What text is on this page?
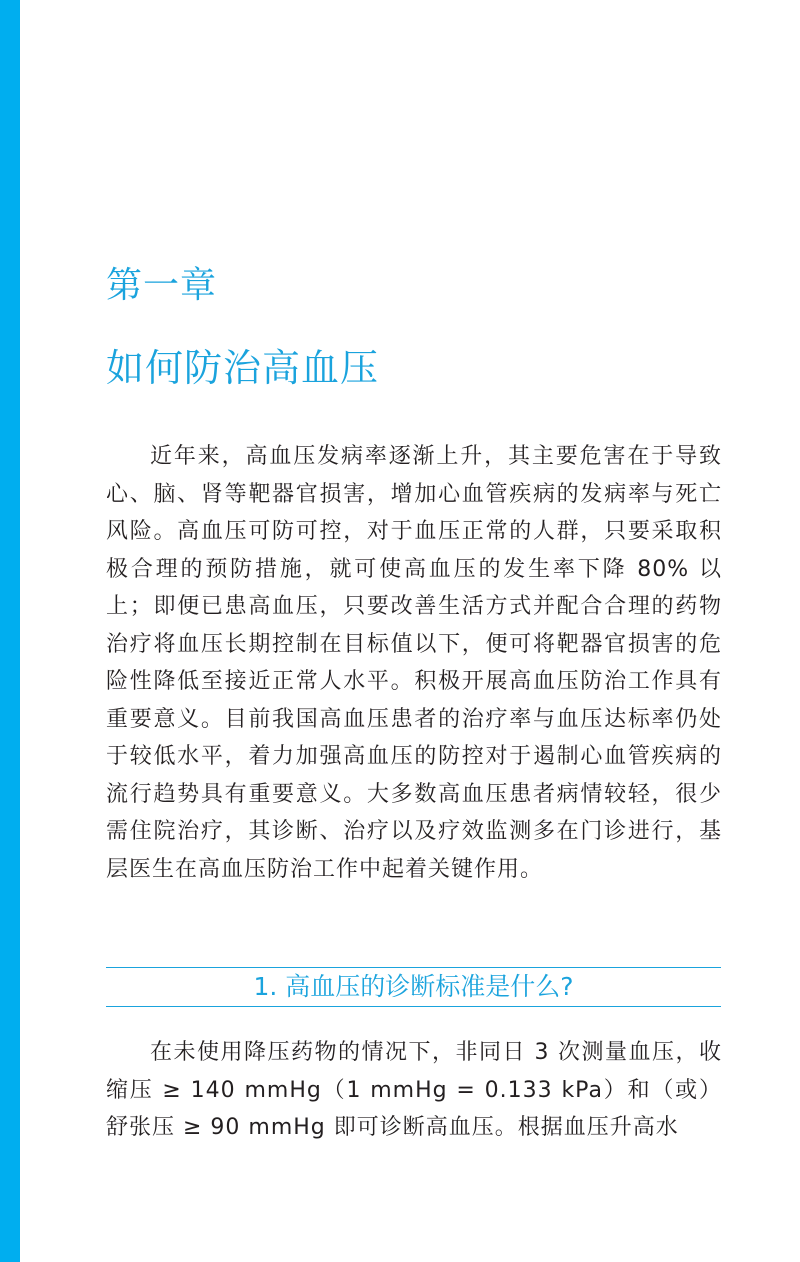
第一章
如何防治高血压

近年来，高血压发病率逐渐上升，其主要危害在于导致心、脑、肾等靶器官损害，增加心血管疾病的发病率与死亡风险。高血压可防可控，对于血压正常的人群，只要采取积极合理的预防措施，就可使高血压的发生率下降 80% 以上；即便已患高血压，只要改善生活方式并配合合理的药物治疗将血压长期控制在目标值以下，便可将靶器官损害的危险性降低至接近正常人水平。积极开展高血压防治工作具有重要意义。目前我国高血压患者的治疗率与血压达标率仍处于较低水平，着力加强高血压的防控对于遏制心血管疾病的流行趋势具有重要意义。大多数高血压患者病情较轻，很少需住院治疗，其诊断、治疗以及疗效监测多在门诊进行，基层医生在高血压防治工作中起着关键作用。

1. 高血压的诊断标准是什么?

在未使用降压药物的情况下，非同日 3 次测量血压，收缩压 ≥ 140 mmHg（1 mmHg = 0.133 kPa）和（或）舒张压 ≥ 90 mmHg 即可诊断高血压。根据血压升高水
